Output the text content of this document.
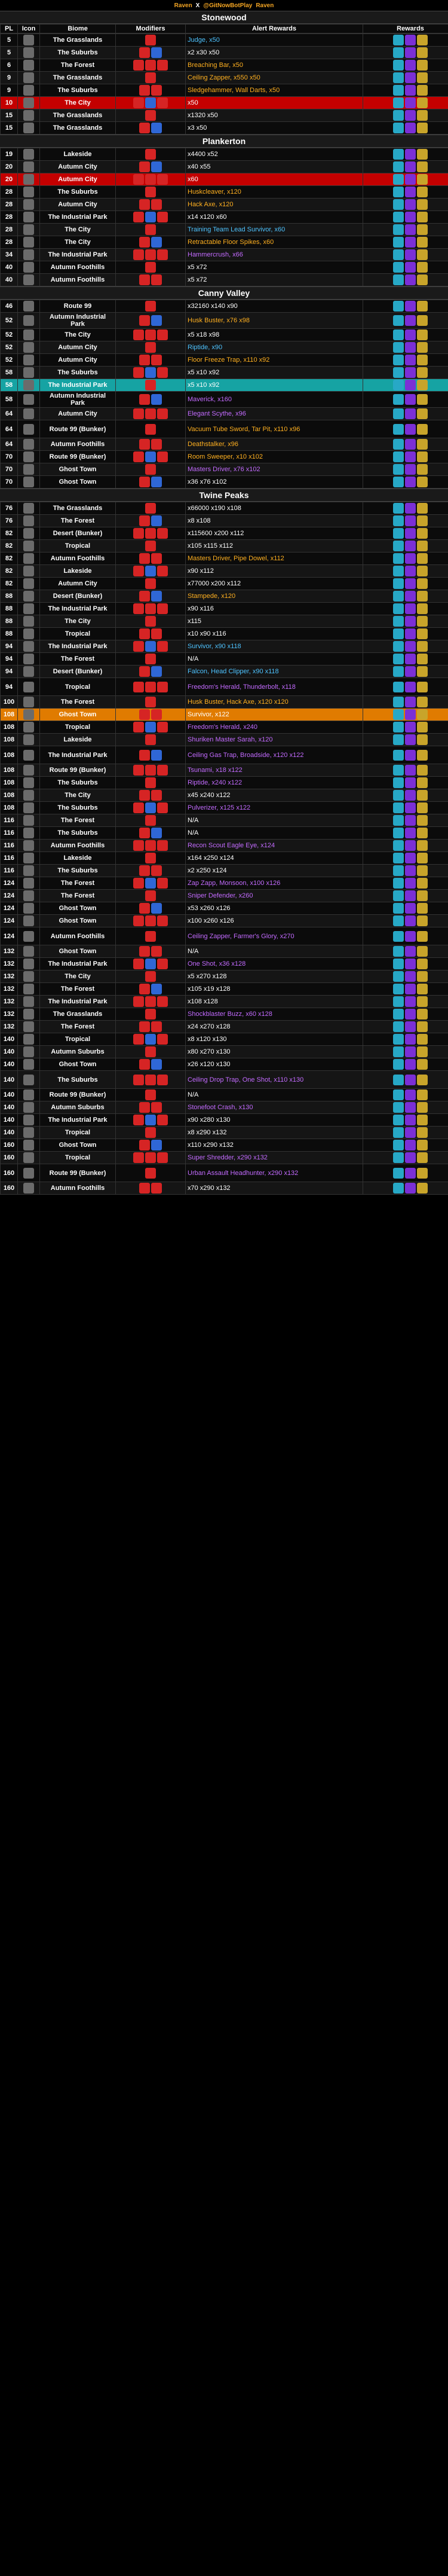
Raven X @GitNowBotPlay Raven
Stonewood
PL	Icon	Biome	Modifiers	Alert Rewards	Rewards
5		The Grasslands		Judge, x50	
5		The Suburbs		x2 x30 x50	
6		The Forest		Breaching Bar, x50	
9		The Grasslands		Ceiling Zapper, x550 x50	
9		The Suburbs		Sledgehammer, Wall Darts, x50	
10		The City		x50	
15		The Grasslands		x1320 x50	
15		The Grasslands		x3 x50	
Plankerton
19		Lakeside		x4400 x52	
20		Autumn City		x40 x55	
20		Autumn City		x60	
28		The Suburbs		Huskcleaver, x120	
28		Autumn City		Hack Axe, x120	
28		The Industrial Park		x14 x120 x60	
28		The City		Training Team Lead Survivor, x60	
28		The City		Retractable Floor Spikes, x60	
34		The Industrial Park		Hammercrush, x66	
40		Autumn Foothills		x5 x72	
40		Autumn Foothills		x5 x72	
Canny Valley
46		Route 99		x32160 x140 x90	
52		Autumn Industrial Park		Husk Buster, x76 x98	
52		The City		x5 x18 x98	
52		Autumn City		Riptide, x90	
52		Autumn City		Floor Freeze Trap, x110 x92	
58		The Suburbs		x5 x10 x92	
58		The Industrial Park		x5 x10 x92	
58		Autumn Industrial Park		Maverick, x160	
64		Autumn City		Elegant Scythe, x96	
64		Route 99 (Bunker)		Vacuum Tube Sword, Tar Pit, x110 x96	
64		Autumn Foothills		Deathstalker, x96	
70		Route 99 (Bunker)		Room Sweeper, x10 x102	
70		Ghost Town		Masters Driver, x76 x102	
70		Ghost Town		x36 x76 x102	
Twine Peaks
76		The Grasslands		x66000 x190 x108	
76		The Forest		x8 x108	
82		Desert (Bunker)		x115600 x200 x112	
82		Tropical		x105 x115 x112	
82		Autumn Foothills		Masters Driver, Pipe Dowel, x112	
82		Lakeside		x90 x112	
82		Autumn City		x77000 x200 x112	
88		Desert (Bunker)		Stampede, x120	
88		The Industrial Park		x90 x116	
88		The City		x115	
88		Tropical		x10 x90 x116	
94		The Industrial Park		Survivor, x90 x118	
94		The Forest		N/A	
94		Desert (Bunker)		Falcon, Head Clipper, x90 x118	
94		Tropical		Freedom's Herald, Thunderbolt, x118	
100		The Forest		Husk Buster, Hack Axe, x120 x120	
108		Ghost Town		Survivor, x122	
108		Tropical		Freedom's Herald, x240	
108		Lakeside		Shuriken Master Sarah, x120	
108		The Industrial Park		Ceiling Gas Trap, Broadside, x120 x122	
108		Route 99 (Bunker)		Tsunami, x18 x122	
108		The Suburbs		Riptide, x240 x122	
108		The City		x45 x240 x122	
108		The Suburbs		Pulverizer, x125 x122	
116		The Forest		N/A	
116		The Suburbs		N/A	
116		Autumn Foothills		Recon Scout Eagle Eye, x124	
116		Lakeside		x164 x250 x124	
116		The Suburbs		x2 x250 x124	
124		The Forest		Zap Zapp, Monsoon, x100 x126	
124		The Forest		Sniper Defender, x260	
124		Ghost Town		x53 x260 x126	
124		Ghost Town		x100 x260 x126	
124		Autumn Foothills		Ceiling Zapper, Farmer's Glory, x270	
132		Ghost Town		N/A	
132		The Industrial Park		One Shot, x36 x128	
132		The City		x5 x270 x128	
132		The Forest		x105 x19 x128	
132		The Industrial Park		x108 x128	
132		The Grasslands		Shockblaster Buzz, x60 x128	
132		The Forest		x24 x270 x128	
140		Tropical		x8 x120 x130	
140		Autumn Suburbs		x80 x270 x130	
140		Ghost Town		x26 x120 x130	
140		The Suburbs		Ceiling Drop Trap, One Shot, x110 x130	
140		Route 99 (Bunker)		N/A	
140		Autumn Suburbs		Stonefoot Crash, x130	
140		The Industrial Park		x90 x280 x130	
140		Tropical		x8 x290 x132	
160		Ghost Town		x110 x290 x132	
160		Tropical		Super Shredder, x290 x132	
160		Route 99 (Bunker)		Urban Assault Headhunter, x290 x132	
160		Autumn Foothills		x70 x290 x132	
